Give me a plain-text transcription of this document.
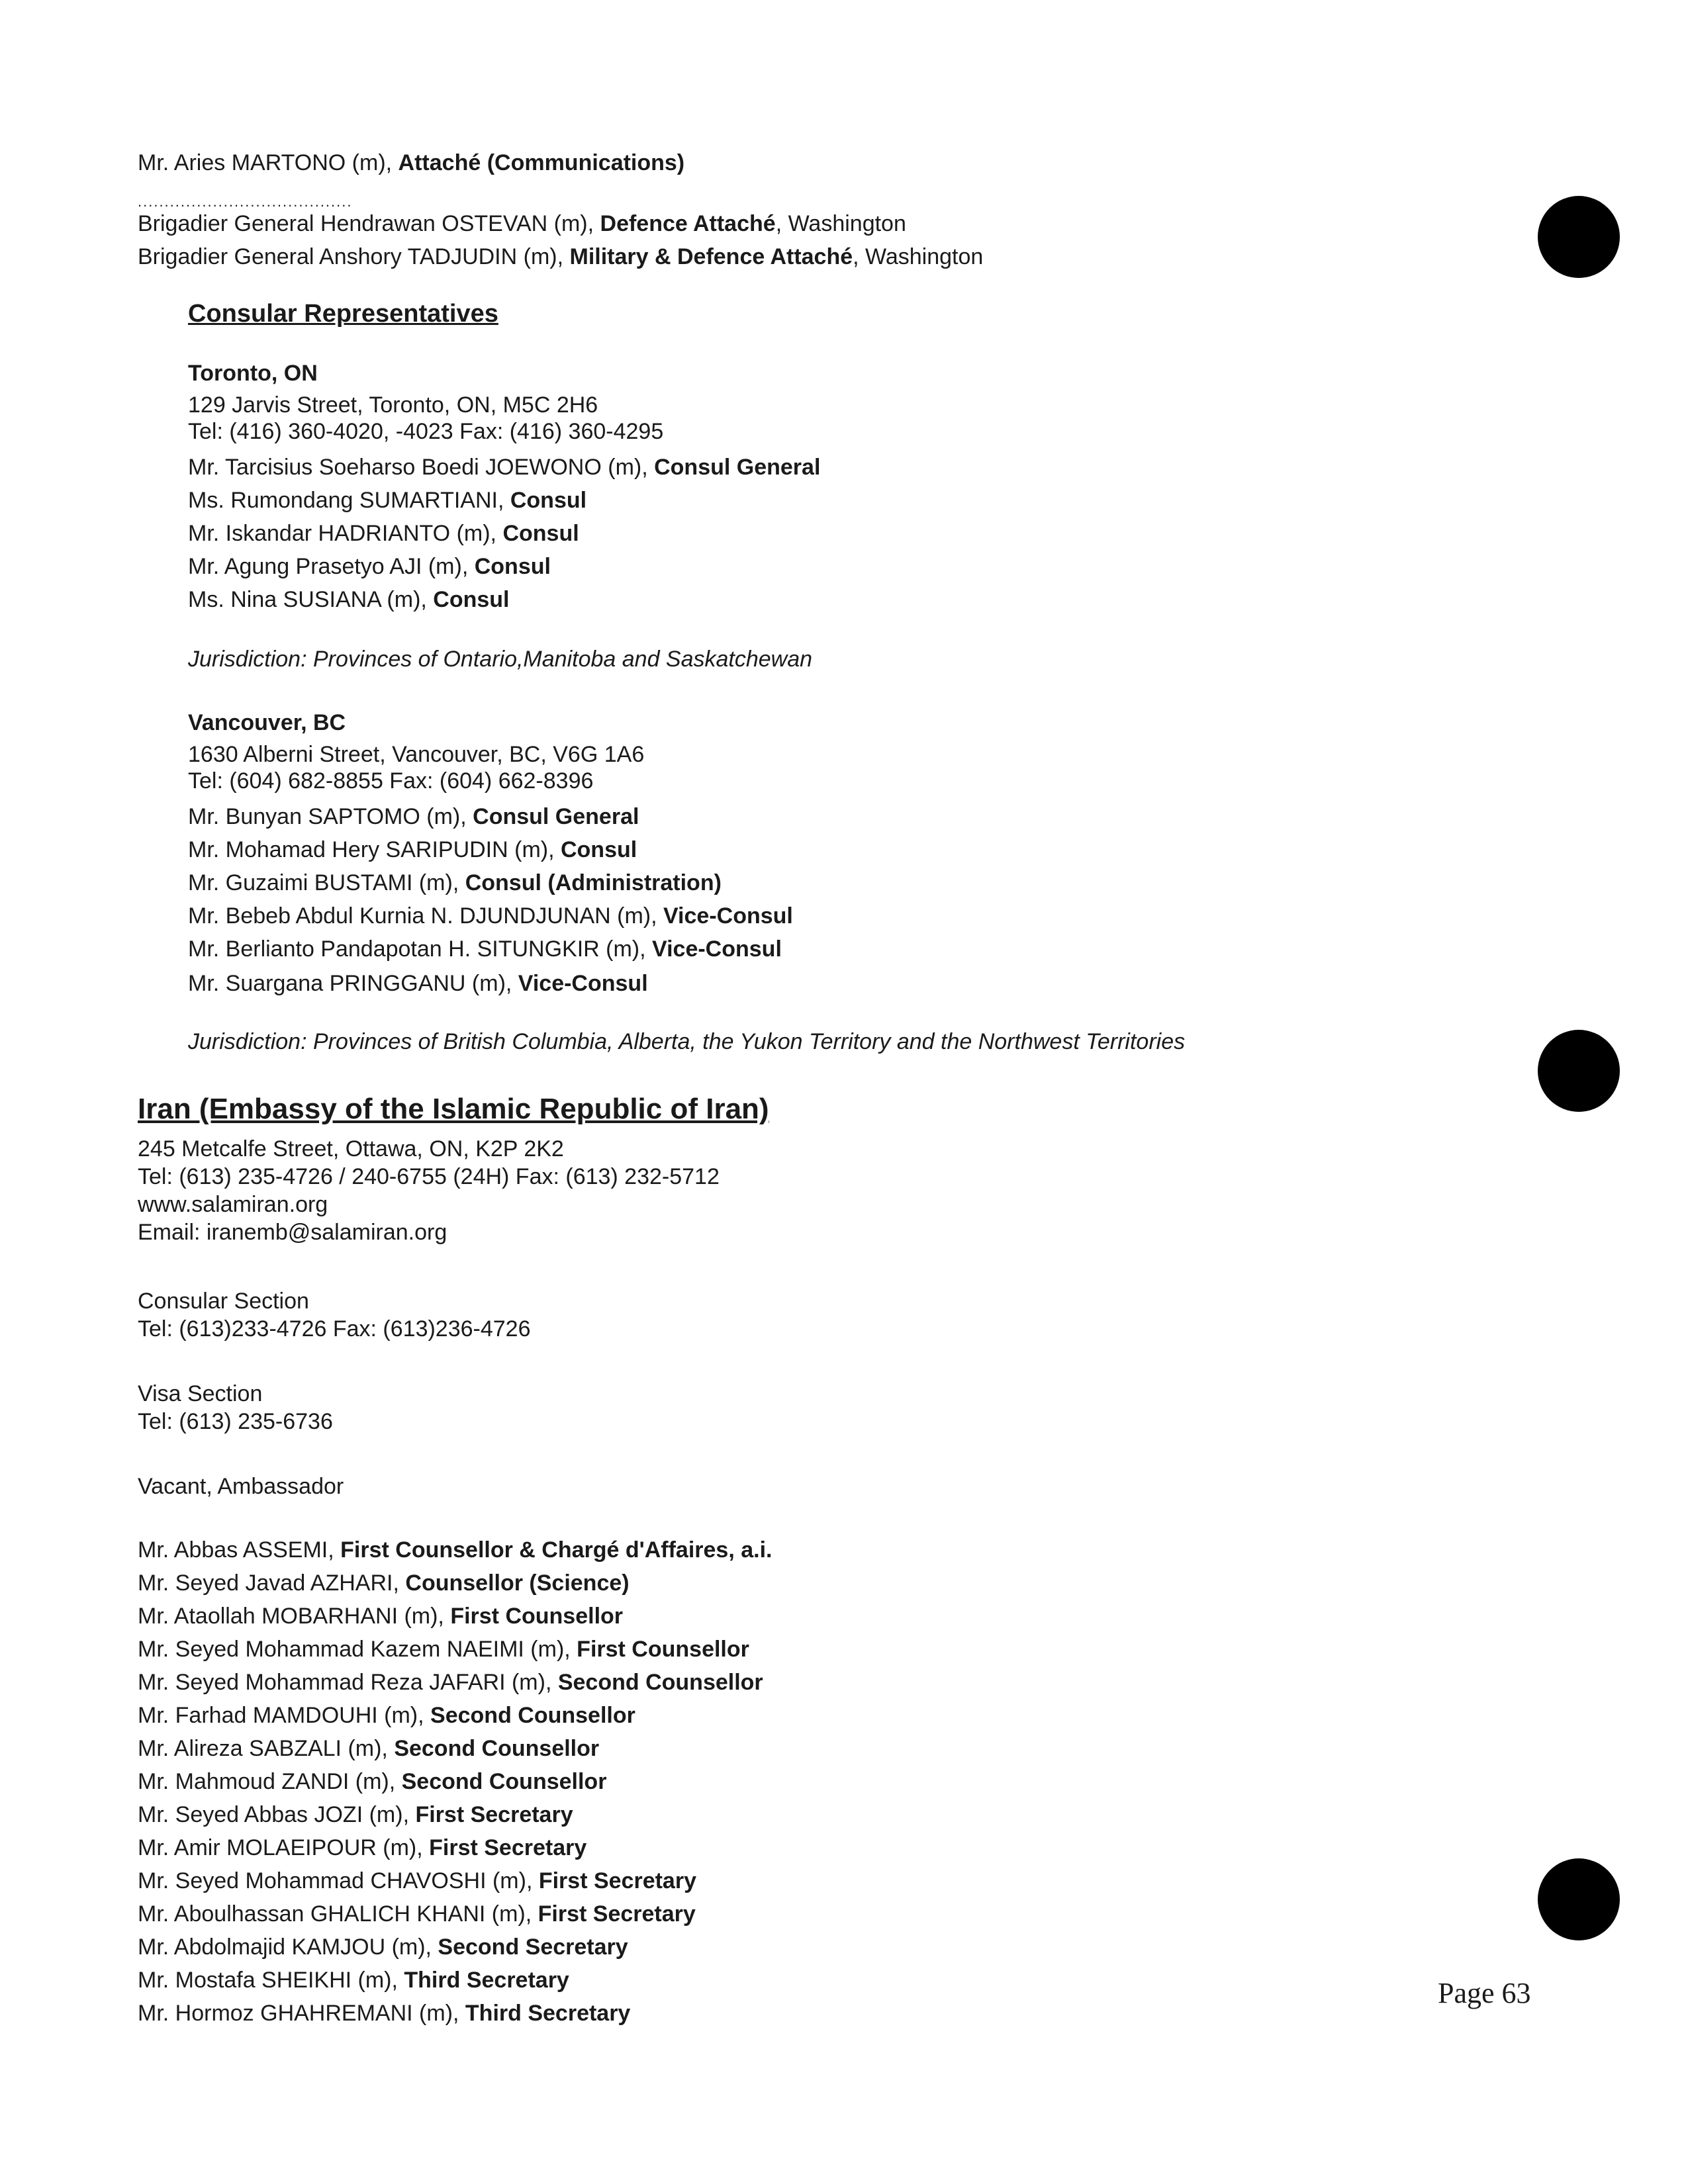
Mr. Aries MARTONO (m), Attaché (Communications)
........................................
Brigadier General Hendrawan OSTEVAN (m), Defence Attaché, Washington
Brigadier General Anshory TADJUDIN (m), Military & Defence Attaché, Washington
Consular Representatives
Toronto, ON
129 Jarvis Street, Toronto, ON, M5C 2H6
Tel: (416) 360-4020, -4023 Fax: (416) 360-4295
Mr. Tarcisius Soeharso Boedi JOEWONO (m), Consul General
Ms. Rumondang SUMARTIANI, Consul
Mr. Iskandar HADRIANTO (m), Consul
Mr. Agung Prasetyo AJI (m), Consul
Ms. Nina SUSIANA (m), Consul
Jurisdiction: Provinces of Ontario,Manitoba and Saskatchewan
Vancouver, BC
1630 Alberni Street, Vancouver, BC, V6G 1A6
Tel: (604) 682-8855 Fax: (604) 662-8396
Mr. Bunyan SAPTOMO (m), Consul General
Mr. Mohamad Hery SARIPUDIN (m), Consul
Mr. Guzaimi BUSTAMI (m), Consul (Administration)
Mr. Bebeb Abdul Kurnia N. DJUNDJUNAN (m), Vice-Consul
Mr. Berlianto Pandapotan H. SITUNGKIR (m), Vice-Consul
Mr. Suargana PRINGGANU (m), Vice-Consul
Jurisdiction: Provinces of British Columbia, Alberta, the Yukon Territory and the Northwest Territories
Iran (Embassy of the Islamic Republic of Iran)
245 Metcalfe Street, Ottawa, ON, K2P 2K2
Tel: (613) 235-4726 / 240-6755 (24H) Fax: (613) 232-5712
www.salamiran.org
Email: iranemb@salamiran.org
Consular Section
Tel: (613)233-4726 Fax: (613)236-4726
Visa Section
Tel: (613) 235-6736
Vacant, Ambassador
Mr. Abbas ASSEMI, First Counsellor & Chargé d'Affaires, a.i.
Mr. Seyed Javad AZHARI, Counsellor (Science)
Mr. Ataollah MOBARHANI (m), First Counsellor
Mr. Seyed Mohammad Kazem NAEIMI (m), First Counsellor
Mr. Seyed Mohammad Reza JAFARI (m), Second Counsellor
Mr. Farhad MAMDOUHI (m), Second Counsellor
Mr. Alireza SABZALI (m), Second Counsellor
Mr. Mahmoud ZANDI (m), Second Counsellor
Mr. Seyed Abbas JOZI (m), First Secretary
Mr. Amir MOLAEIPOUR (m), First Secretary
Mr. Seyed Mohammad CHAVOSHI (m), First Secretary
Mr. Aboulhassan GHALICH KHANI (m), First Secretary
Mr. Abdolmajid KAMJOU (m), Second Secretary
Mr. Mostafa SHEIKHI (m), Third Secretary
Mr. Hormoz GHAHREMANI (m), Third Secretary
Page 63
